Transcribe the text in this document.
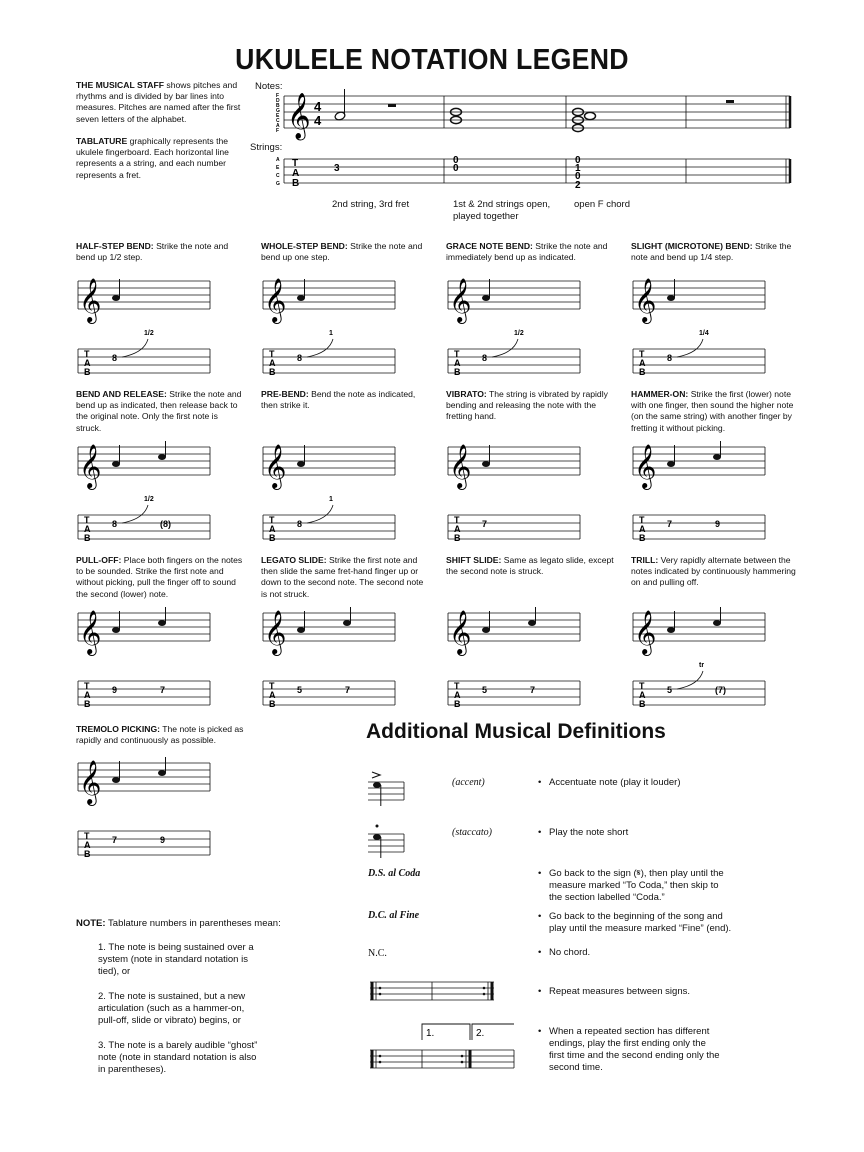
UKULELE NOTATION LEGEND
THE MUSICAL STAFF shows pitches and rhythms and is divided by bar lines into measures. Pitches are named after the first seven letters of the alphabet.
TABLATURE graphically represents the ukulele fingerboard. Each horizontal line represents a a string, and each number represents a fret.
Notes:
Strings:
F
D
B
G
E
C
A
F 𝄞 4
4
A
E
C
G
T
A
B
3
0
0
0
1
0
2
2nd string, 3rd fret	1st & 2nd strings open, played together
open F chord
HALF-STEP BEND: Strike the note and bend up 1/2 step.
𝄞
T
A
B
8
1/2
WHOLE-STEP BEND: Strike the note and bend up one step.
𝄞
T
A
B
8
1
GRACE NOTE BEND: Strike the note and immediately bend up as indicated.
𝄞
T
A
B
8
1/2
SLIGHT (MICROTONE) BEND: Strike the note and bend up 1/4 step.
𝄞
T
A
B
8
1/4
BEND AND RELEASE: Strike the note and bend up as indicated, then release back to the original note. Only the first note is struck.
𝄞
T
A
B
8	(8)
1/2
PRE-BEND: Bend the note as indicated, then strike it.
𝄞
T
A
B
8
1
VIBRATO: The string is vibrated by rapidly bending and releasing the note with the fretting hand.
𝄞
T
A
B
7
HAMMER-ON: Strike the first (lower) note with one finger, then sound the higher note (on the same string) with another finger by fretting it without picking.
𝄞
T
A
B
7	9
PULL-OFF: Place both fingers on the notes to be sounded. Strike the first note and without picking, pull the finger off to sound the second (lower) note.
𝄞
T
A
B
9	7
LEGATO SLIDE: Strike the first note and then slide the same fret-hand finger up or down to the second note. The second note is not struck.
𝄞
T
A
B
5	7
SHIFT SLIDE: Same as legato slide, except the second note is struck.
𝄞
T
A
B
5	7
TRILL: Very rapidly alternate between the notes indicated by continuously hammering on and pulling off.
𝄞
T
A
B
5	(7)
tr
TREMOLO PICKING: The note is picked as rapidly and continuously as possible.
𝄞
T
A
B
7	9
Additional Musical Definitions
(accent)	• Accentuate note (play it louder)
(staccato)	• Play the note short
D.S. al Coda	• Go back to the sign (𝄋), then play until the measure marked “To Coda,” then skip to the section labelled “Coda.”
D.C. al Fine	• Go back to the beginning of the song and play until the measure marked “Fine” (end).
N.C.	• No chord.
• Repeat measures between signs.
1.	2.	• When a repeated section has different endings, play the first ending only the first time and the second ending only the second time.
NOTE: Tablature numbers in parentheses mean:
1. The note is being sustained over a system (note in standard notation is tied), or
2. The note is sustained, but a new articulation (such as a hammer-on, pull-off, slide or vibrato) begins, or
3. The note is a barely audible “ghost” note (note in standard notation is also in parentheses).
